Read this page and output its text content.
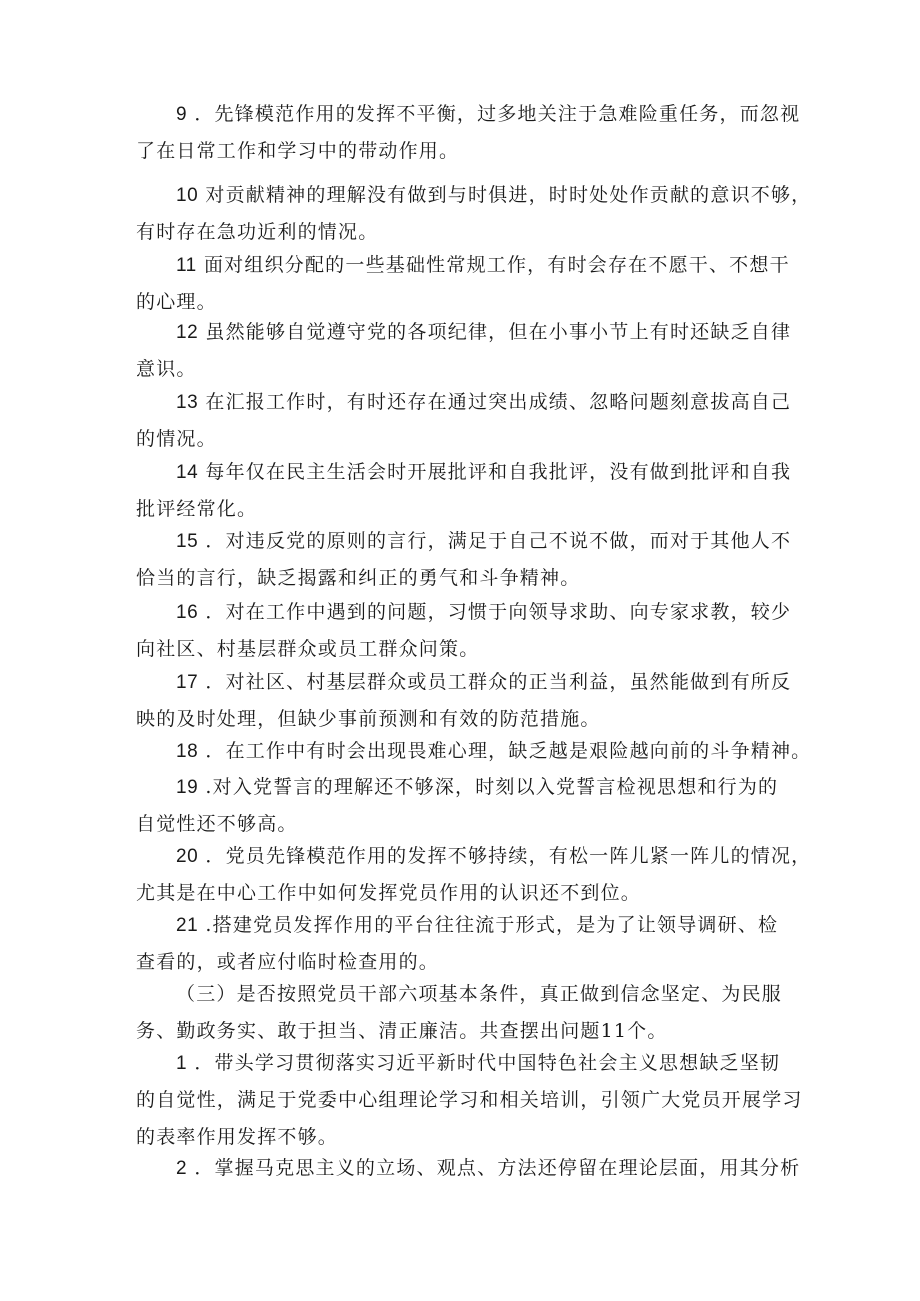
9 ．先锋模范作用的发挥不平衡，过多地关注于急难险重任务，而忽视
了在日常工作和学习中的带动作用。
10 对贡献精神的理解没有做到与时俱进，时时处处作贡献的意识不够，
有时存在急功近利的情况。
11 面对组织分配的一些基础性常规工作，有时会存在不愿干、不想干
的心理。
12 虽然能够自觉遵守党的各项纪律，但在小事小节上有时还缺乏自律
意识。
13 在汇报工作时，有时还存在通过突出成绩、忽略问题刻意拔高自己
的情况。
14 每年仅在民主生活会时开展批评和自我批评，没有做到批评和自我
批评经常化。
15 ．对违反党的原则的言行，满足于自己不说不做，而对于其他人不
恰当的言行，缺乏揭露和纠正的勇气和斗争精神。
16 ．对在工作中遇到的问题，习惯于向领导求助、向专家求教，较少
向社区、村基层群众或员工群众问策。
17 ．对社区、村基层群众或员工群众的正当利益，虽然能做到有所反
映的及时处理，但缺少事前预测和有效的防范措施。
18 ．在工作中有时会出现畏难心理，缺乏越是艰险越向前的斗争精神。
19 .对入党誓言的理解还不够深，时刻以入党誓言检视思想和行为的
自觉性还不够高。
20 ．党员先锋模范作用的发挥不够持续，有松一阵儿紧一阵儿的情况，
尤其是在中心工作中如何发挥党员作用的认识还不到位。
21 .搭建党员发挥作用的平台往往流于形式，是为了让领导调研、检
查看的，或者应付临时检查用的。
（三）是否按照党员干部六项基本条件，真正做到信念坚定、为民服
务、勤政务实、敢于担当、清正廉洁。共查摆出问题11个。
1 ．带头学习贯彻落实习近平新时代中国特色社会主义思想缺乏坚韧
的自觉性，满足于党委中心组理论学习和相关培训，引领广大党员开展学习
的表率作用发挥不够。
2 ．掌握马克思主义的立场、观点、方法还停留在理论层面，用其分析
